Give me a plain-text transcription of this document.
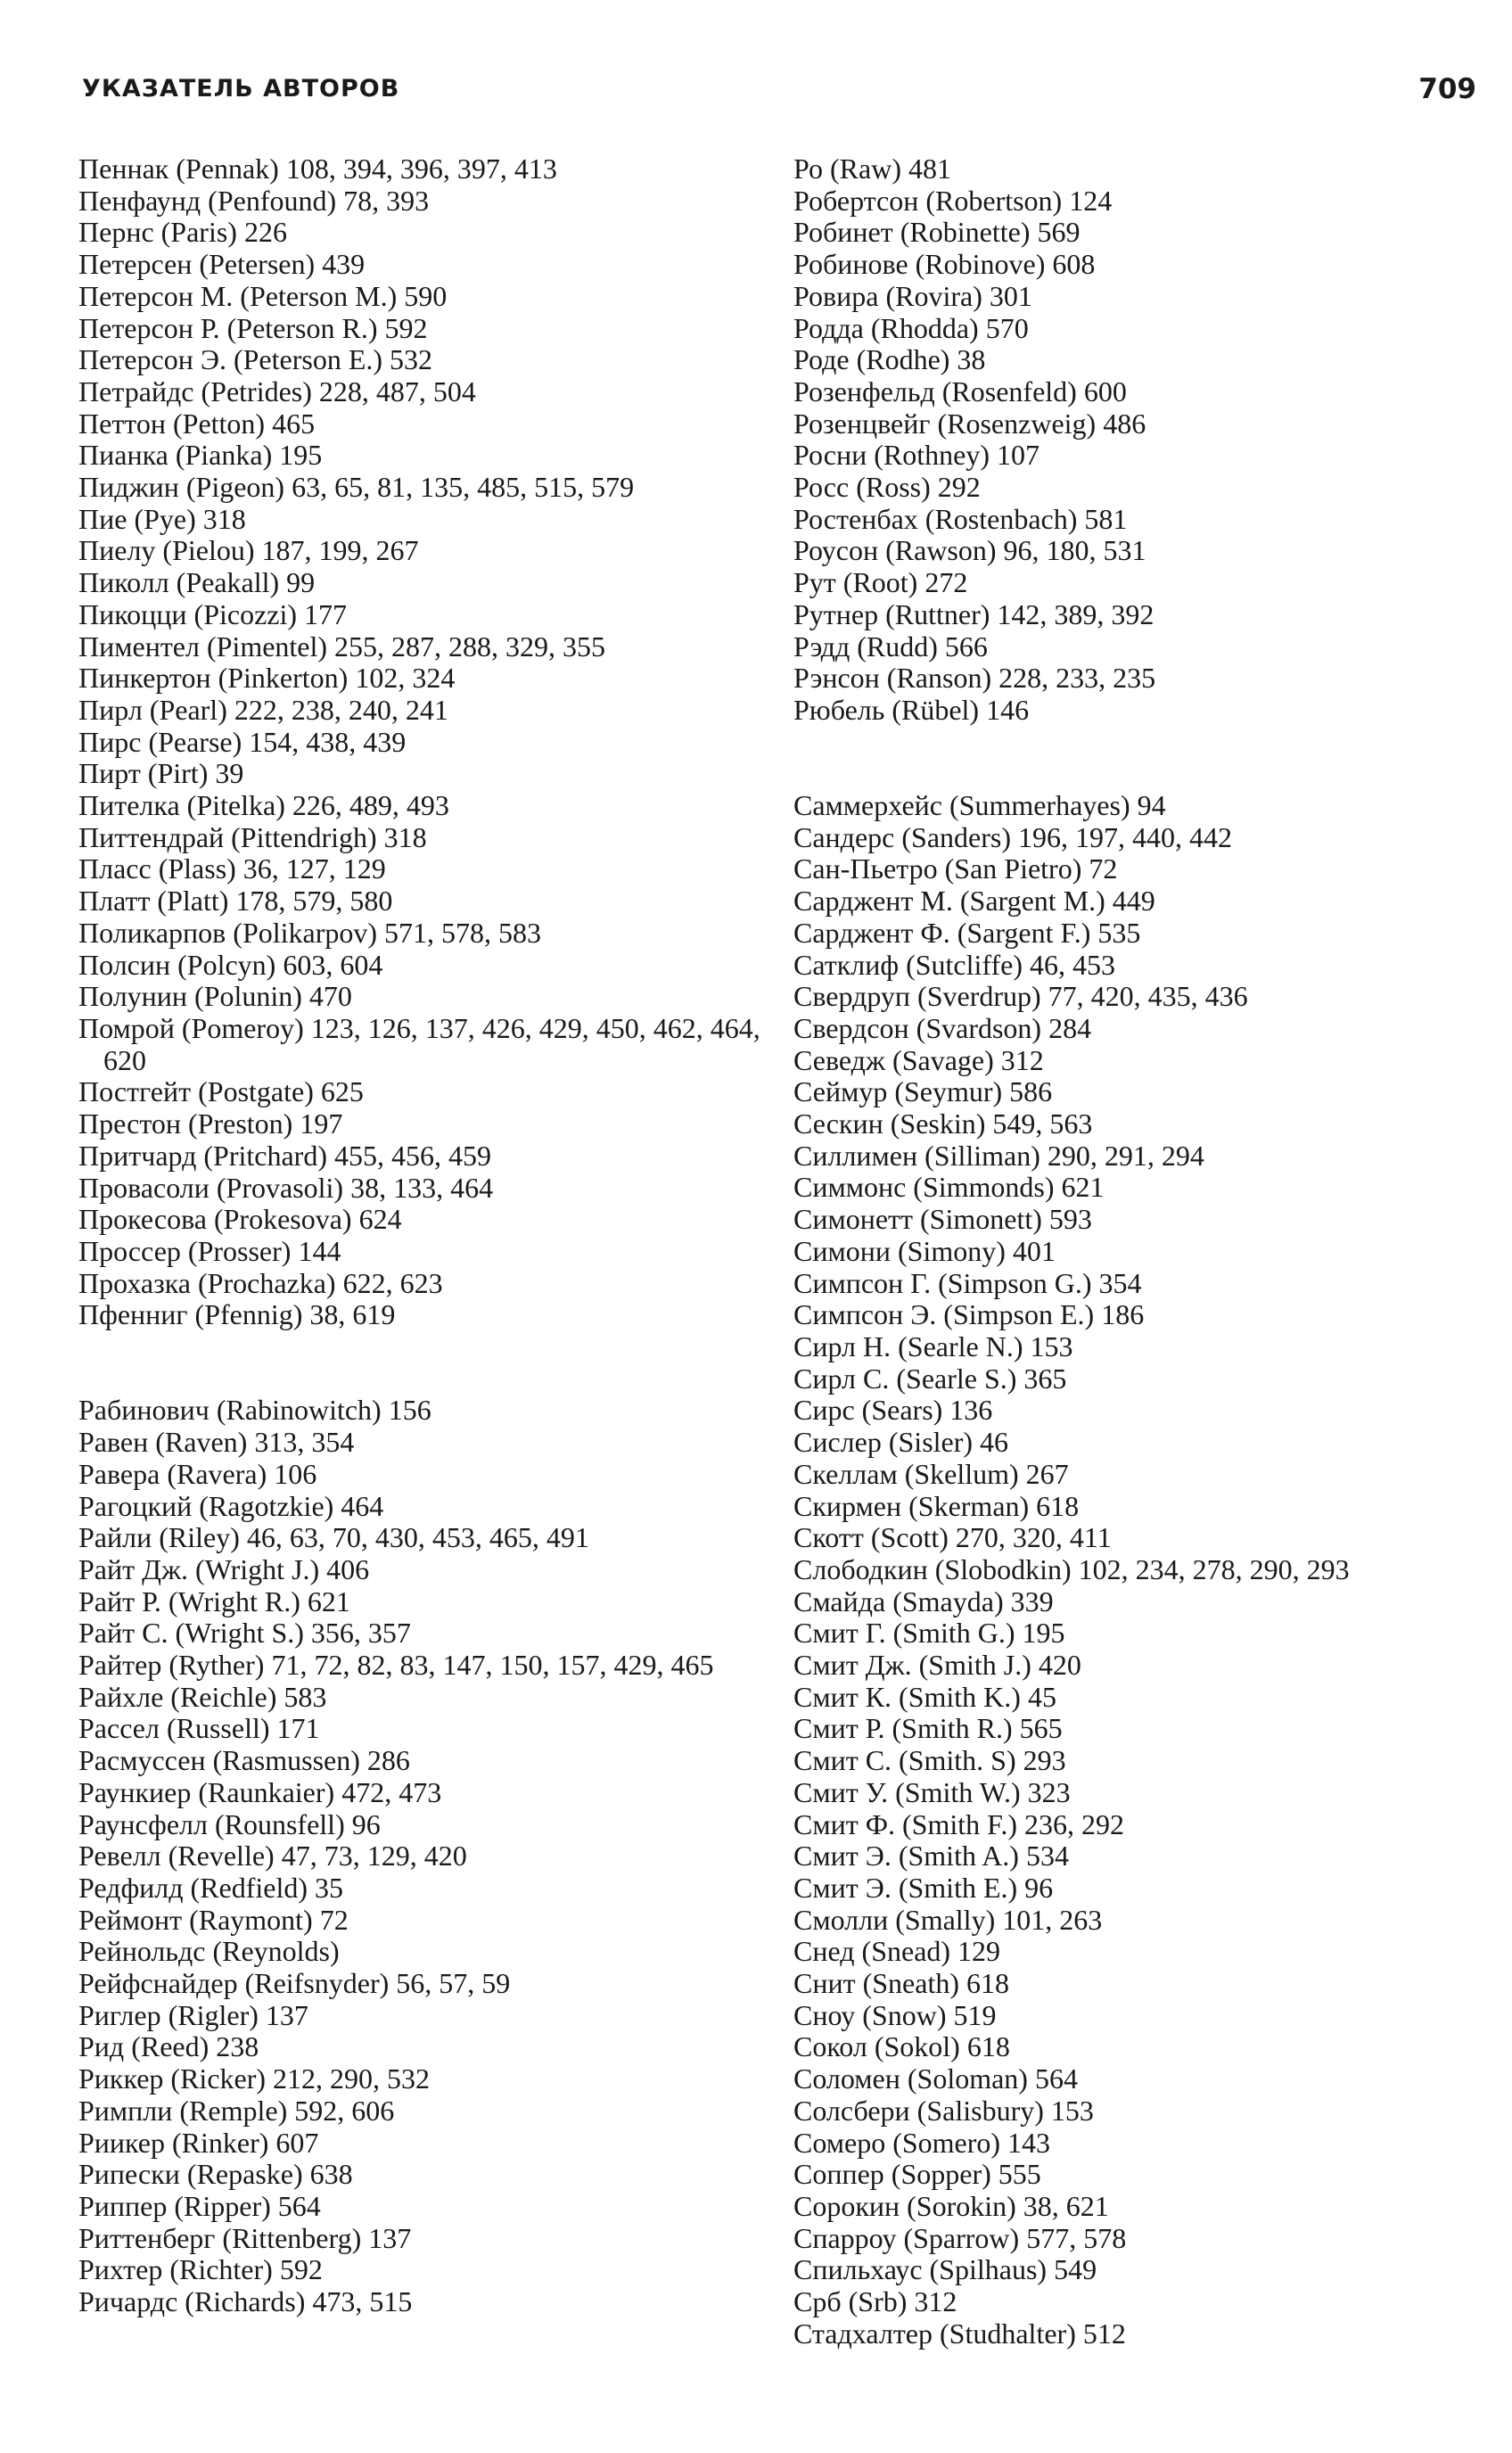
УКАЗАТЕЛЬ АВТОРОВ	709
Пеннак (Pennak) 108, 394, 396, 397, 413
Пенфаунд (Penfound) 78, 393
Пернс (Paris) 226
Петерсен (Petersen) 439
Петерсон М. (Peterson M.) 590
Петерсон Р. (Peterson R.) 592
Петерсон Э. (Peterson E.) 532
Петрайдс (Petrides) 228, 487, 504
Петтон (Petton) 465
Пианка (Pianka) 195
Пиджин (Pigeon) 63, 65, 81, 135, 485, 515, 579
Пие (Pye) 318
Пиелу (Pielou) 187, 199, 267
Пиколл (Peakall) 99
Пикоцци (Picozzi) 177
Пиментел (Pimentel) 255, 287, 288, 329, 355
Пинкертон (Pinkerton) 102, 324
Пирл (Pearl) 222, 238, 240, 241
Пирс (Pearse) 154, 438, 439
Пирт (Pirt) 39
Пителка (Pitelka) 226, 489, 493
Питтендрай (Pittendrigh) 318
Пласс (Plass) 36, 127, 129
Платт (Platt) 178, 579, 580
Поликарпов (Polikarpov) 571, 578, 583
Полсин (Polcyn) 603, 604
Полунин (Polunin) 470
Помрой (Pomeroy) 123, 126, 137, 426, 429, 450, 462, 464, 620
Постгейт (Postgate) 625
Престон (Preston) 197
Притчард (Pritchard) 455, 456, 459
Провасоли (Provasoli) 38, 133, 464
Прокесова (Prokesova) 624
Проссер (Prosser) 144
Прохазка (Prochazka) 622, 623
Пфенниг (Pfennig) 38, 619
Рабинович (Rabinowitch) 156
Равен (Raven) 313, 354
Равера (Ravera) 106
Рагоцкий (Ragotzkie) 464
Райли (Riley) 46, 63, 70, 430, 453, 465, 491
Райт Дж. (Wright J.) 406
Райт Р. (Wright R.) 621
Райт С. (Wright S.) 356, 357
Райтер (Ryther) 71, 72, 82, 83, 147, 150, 157, 429, 465
Райхле (Reichle) 583
Рассел (Russell) 171
Расмуссен (Rasmussen) 286
Раункиер (Raunkaier) 472, 473
Раунсфелл (Rounsfell) 96
Ревелл (Revelle) 47, 73, 129, 420
Редфилд (Redfield) 35
Реймонт (Raymont) 72
Рейнольдс (Reynolds)
Рейфснайдер (Reifsnyder) 56, 57, 59
Риглер (Rigler) 137
Рид (Reed) 238
Риккер (Ricker) 212, 290, 532
Римпли (Remple) 592, 606
Риикер (Rinker) 607
Рипески (Repaske) 638
Риппер (Ripper) 564
Риттенберг (Rittenberg) 137
Рихтер (Richter) 592
Ричардс (Richards) 473, 515
Ро (Raw) 481
Робертсон (Robertson) 124
Робинет (Robinette) 569
Робинове (Robinove) 608
Ровира (Rovira) 301
Родда (Rhodda) 570
Роде (Rodhe) 38
Розенфельд (Rosenfeld) 600
Розенцвейг (Rosenzweig) 486
Росни (Rothney) 107
Росс (Ross) 292
Ростенбах (Rostenbach) 581
Роусон (Rawson) 96, 180, 531
Рут (Root) 272
Рутнер (Ruttner) 142, 389, 392
Рэдд (Rudd) 566
Рэнсон (Ranson) 228, 233, 235
Рюбель (Rübel) 146
Саммерхейс (Summerhayes) 94
Сандерс (Sanders) 196, 197, 440, 442
Сан-Пьетро (San Pietro) 72
Сарджент М. (Sargent M.) 449
Сарджент Ф. (Sargent F.) 535
Сатклиф (Sutcliffe) 46, 453
Свердруп (Sverdrup) 77, 420, 435, 436
Свердсон (Svardson) 284
Севедж (Savage) 312
Сеймур (Seymur) 586
Сескин (Seskin) 549, 563
Силлимен (Silliman) 290, 291, 294
Симмонс (Simmonds) 621
Симонетт (Simonett) 593
Симони (Simony) 401
Симпсон Г. (Simpson G.) 354
Симпсон Э. (Simpson E.) 186
Сирл Н. (Searle N.) 153
Сирл С. (Searle S.) 365
Сирс (Sears) 136
Сислер (Sisler) 46
Скеллам (Skellum) 267
Скирмен (Skerman) 618
Скотт (Scott) 270, 320, 411
Слободкин (Slobodkin) 102, 234, 278, 290, 293
Смайда (Smayda) 339
Смит Г. (Smith G.) 195
Смит Дж. (Smith J.) 420
Смит К. (Smith K.) 45
Смит Р. (Smith R.) 565
Смит С. (Smith. S) 293
Смит У. (Smith W.) 323
Смит Ф. (Smith F.) 236, 292
Смит Э. (Smith A.) 534
Смит Э. (Smith E.) 96
Смолли (Smally) 101, 263
Снед (Snead) 129
Снит (Sneath) 618
Сноу (Snow) 519
Сокол (Sokol) 618
Соломен (Soloman) 564
Солсбери (Salisbury) 153
Сомеро (Somero) 143
Соппер (Sopper) 555
Сорокин (Sorokin) 38, 621
Спарроу (Sparrow) 577, 578
Спильхаус (Spilhaus) 549
Срб (Srb) 312
Стадхалтер (Studhalter) 512
